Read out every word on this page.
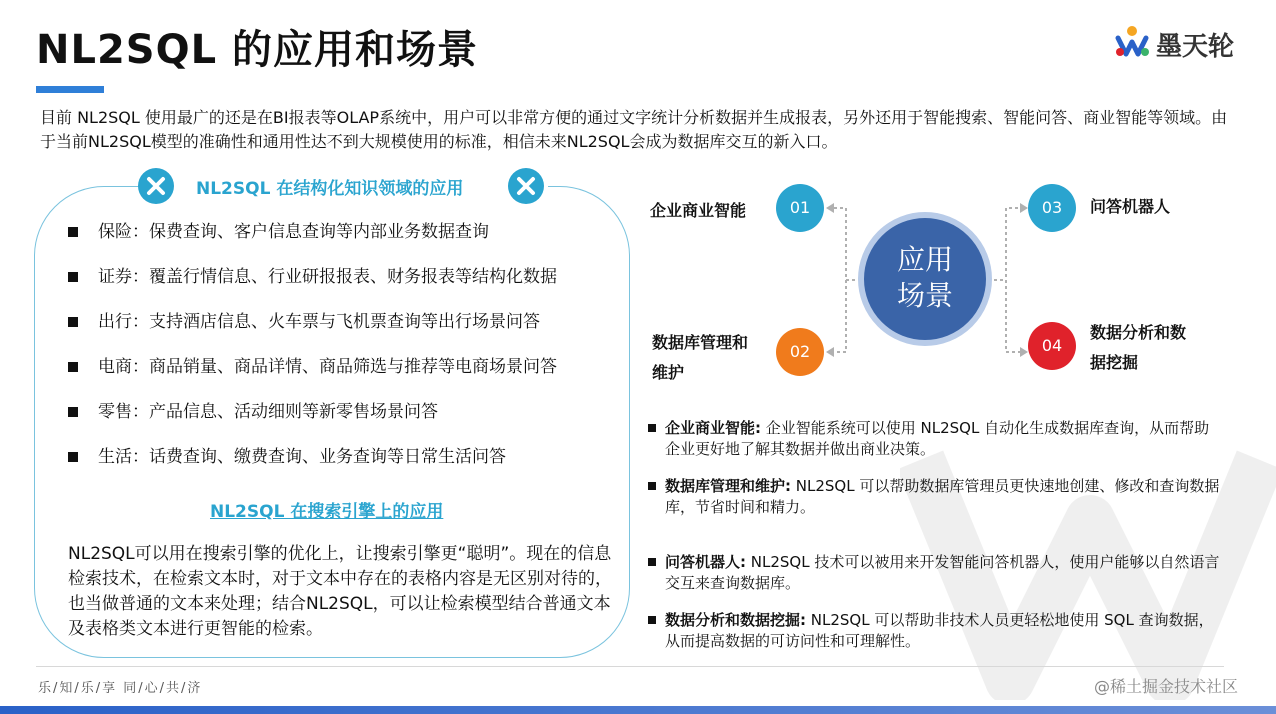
NL2SQL 的应用和场景	墨天轮
目前 NL2SQL 使用最广的还是在BI报表等OLAP系统中，用户可以非常方便的通过文字统计分析数据并生成报表，另外还用于智能搜索、智能问答、商业智能等领域。由于当前NL2SQL模型的准确性和通用性达不到大规模使用的标准，相信未来NL2SQL会成为数据库交互的新入口。
NL2SQL 在结构化知识领域的应用
保险：保费查询、客户信息查询等内部业务数据查询
证券：覆盖行情信息、行业研报报表、财务报表等结构化数据
出行：支持酒店信息、火车票与飞机票查询等出行场景问答
电商：商品销量、商品详情、商品筛选与推荐等电商场景问答
零售：产品信息、活动细则等新零售场景问答
生活：话费查询、缴费查询、业务查询等日常生活问答
NL2SQL 在搜索引擎上的应用
NL2SQL可以用在搜索引擎的优化上，让搜索引擎更“聪明”。现在的信息检索技术，在检索文本时，对于文本中存在的表格内容是无区别对待的，也当做普通的文本来处理；结合NL2SQL，可以让检索模型结合普通文本及表格类文本进行更智能的检索。
企业商业智能	01
数据库管理和
维护
02
应用
场景
03	问答机器人
04
数据分析和数
据挖掘
企业商业智能: 企业智能系统可以使用 NL2SQL 自动化生成数据库查询，从而帮助企业更好地了解其数据并做出商业决策。
数据库管理和维护: NL2SQL 可以帮助数据库管理员更快速地创建、修改和查询数据库，节省时间和精力。
问答机器人: NL2SQL 技术可以被用来开发智能问答机器人，使用户能够以自然语言交互来查询数据库。
数据分析和数据挖掘: NL2SQL 可以帮助非技术人员更轻松地使用 SQL 查询数据，从而提高数据的可访问性和可理解性。
乐/知/乐/享 同/心/共/济	@稀土掘金技术社区
